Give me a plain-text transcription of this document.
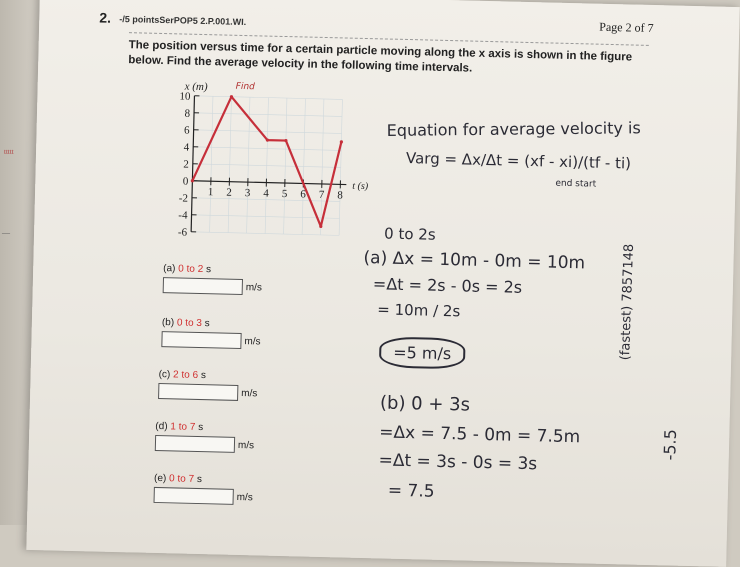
ttttt
—
Page 2 of 7
2. -/5 pointsSerPOP5 2.P.001.WI.
The position versus time for a certain particle moving along the x axis is shown in the figure below. Find the average velocity in the following time intervals.
10
8
6
4
2
0
-2
-4
-6
1 2 3 4 5 6 7 8
x (m)
t (s)
Find
(a) 0 to 2 s
m/s
(b) 0 to 3 s
m/s
(c) 2 to 6 s
m/s
(d) 1 to 7 s
m/s
(e) 0 to 7 s
m/s
Equation for average velocity is
Varg = Δx/Δt = (xf - xi)/(tf - ti)
end start
0 to 2s
(a) Δx = 10m - 0m = 10m
=Δt = 2s - 0s = 2s
= 10m / 2s
=5 m/s
(b) 0 + 3s
=Δx = 7.5 - 0m = 7.5m
=Δt = 3s - 0s = 3s
= 7.5
(fastest) 7857148
-5.5
